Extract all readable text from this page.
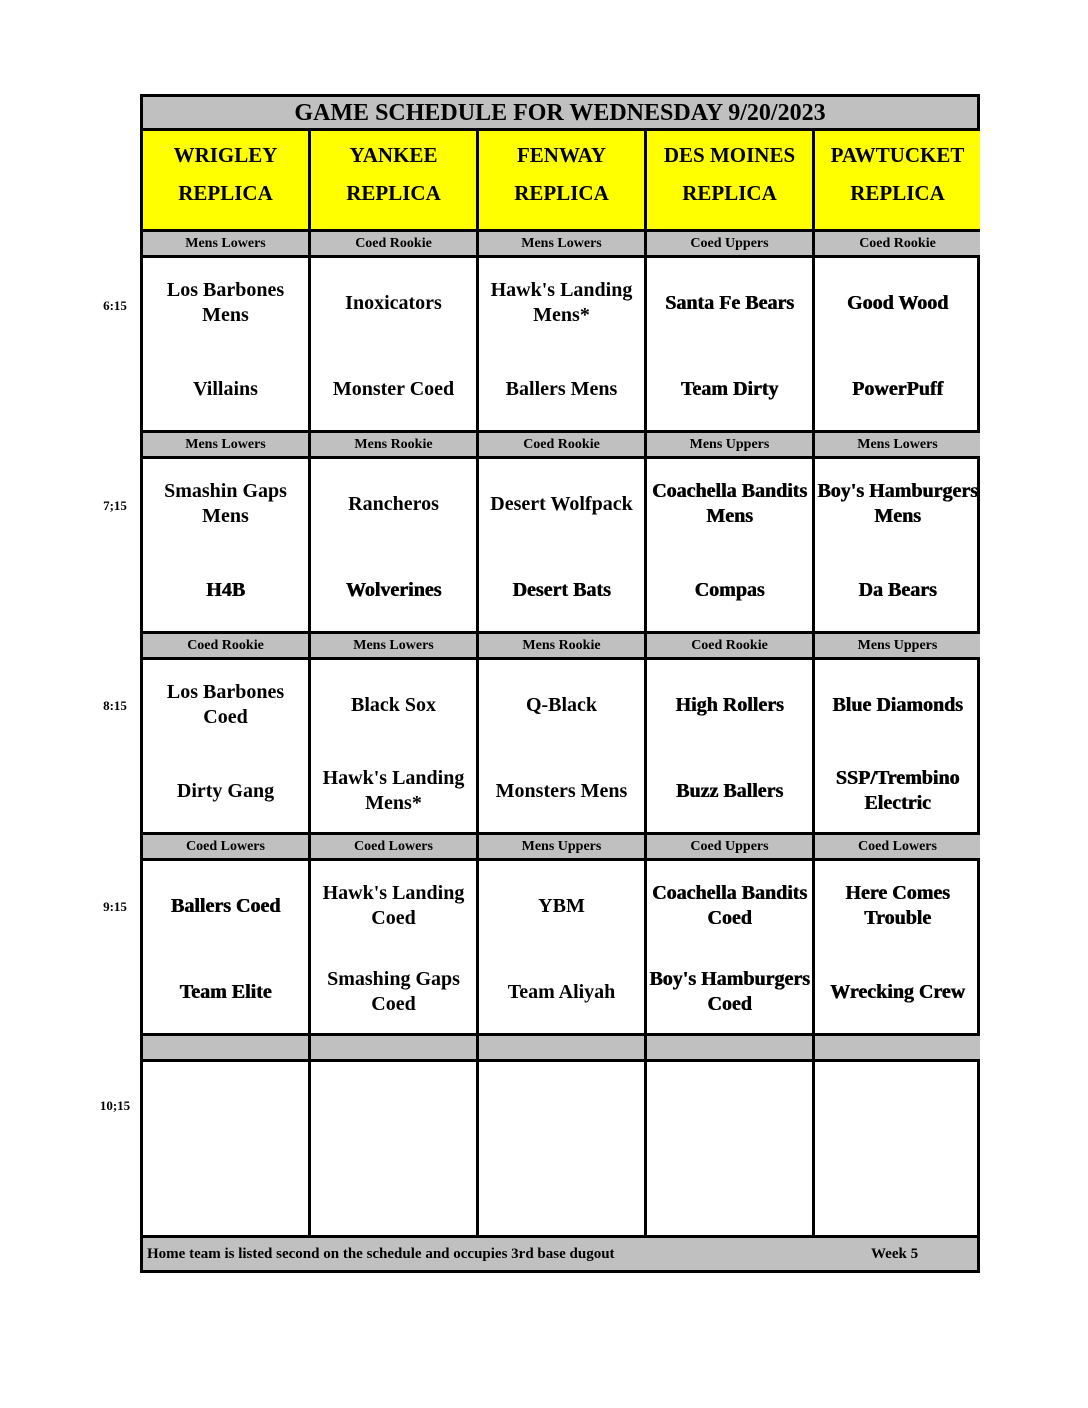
GAME SCHEDULE FOR WEDNESDAY 9/20/2023
WRIGLEY
REPLICA
Mens Lowers
Los Barbones Mens
Villains
Mens Lowers
Smashin Gaps Mens
H4B
Coed Rookie
Los Barbones Coed
Dirty Gang
Coed Lowers
Ballers Coed
Team Elite
YANKEE
REPLICA
Coed Rookie
Inoxicators
Monster Coed
Mens Rookie
Rancheros
Wolverines
Mens Lowers
Black Sox
Hawk's Landing Mens*
Coed Lowers
Hawk's Landing Coed
Smashing Gaps Coed
FENWAY
REPLICA
Mens Lowers
Hawk's Landing Mens*
Ballers Mens
Coed Rookie
Desert Wolfpack
Desert Bats
Mens Rookie
Q-Black
Monsters Mens
Mens Uppers
YBM
Team Aliyah
DES MOINES
REPLICA
Coed Uppers
Santa Fe Bears
Team Dirty
Mens Uppers
Coachella Bandits Mens
Compas
Coed Rookie
High Rollers
Buzz Ballers
Coed Uppers
Coachella Bandits Coed
Boy's Hamburgers Coed
PAWTUCKET
REPLICA
Coed Rookie
Good Wood
PowerPuff
Mens Lowers
Boy's Hamburgers Mens
Da Bears
Mens Uppers
Blue Diamonds
SSP/Trembino Electric
Coed Lowers
Here Comes Trouble
Wrecking Crew
Home team is listed second on the schedule and occupies 3rd base dugout	Week 5
6:15
7;15
8:15
9:15
10;15
